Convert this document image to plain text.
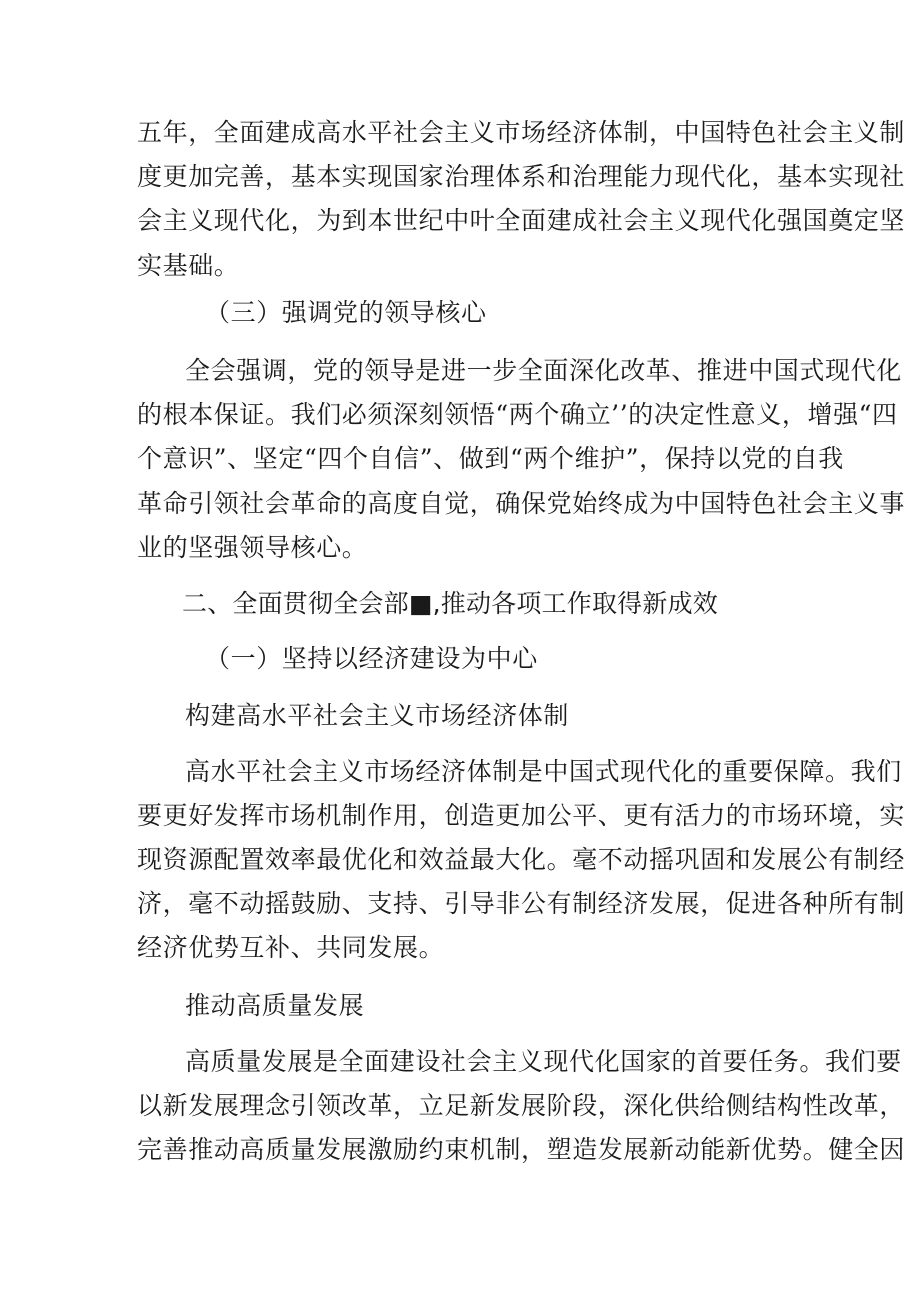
五年，全面建成高水平社会主义市场经济体制，中国特色社会主义制
度更加完善，基本实现国家治理体系和治理能力现代化，基本实现社
会主义现代化，为到本世纪中叶全面建成社会主义现代化强国奠定坚
实基础。
（三）强调党的领导核心
全会强调，党的领导是进一步全面深化改革、推进中国式现代化
的根本保证。我们必须深刻领悟“两个确立’’的决定性意义，增强“四
个意识”、坚定“四个自信”、做到“两个维护”，保持以党的自我
革命引领社会革命的高度自觉，确保党始终成为中国特色社会主义事
业的坚强领导核心。
二、全面贯彻全会部■,推动各项工作取得新成效
（一）坚持以经济建设为中心
构建高水平社会主义市场经济体制
高水平社会主义市场经济体制是中国式现代化的重要保障。我们
要更好发挥市场机制作用，创造更加公平、更有活力的市场环境，实
现资源配置效率最优化和效益最大化。毫不动摇巩固和发展公有制经
济，毫不动摇鼓励、支持、引导非公有制经济发展，促进各种所有制
经济优势互补、共同发展。
推动高质量发展
高质量发展是全面建设社会主义现代化国家的首要任务。我们要
以新发展理念引领改革，立足新发展阶段，深化供给侧结构性改革，
完善推动高质量发展激励约束机制，塑造发展新动能新优势。健全因
